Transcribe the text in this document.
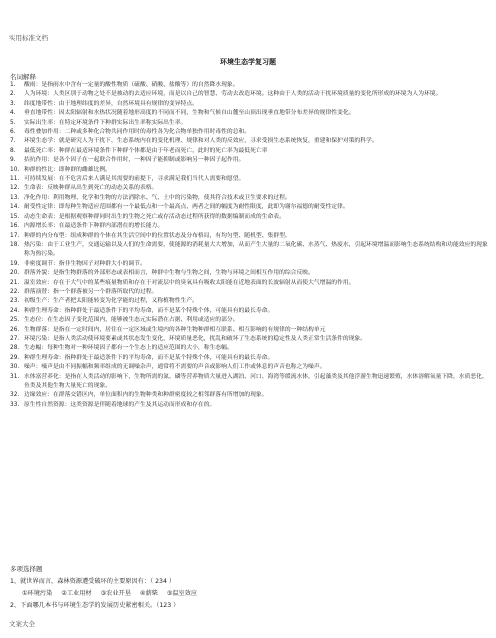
实用标准文档
环境生态学复习题
名词解释
1.	酸雨：是指雨水中含有一定量的酸性物质（硫酸、硝酸、盐酸等）的自然降水现象。
2.	人为环境：人类区别于动物之处不是被动的去适应环境，而是以自己的智慧、劳动去改造环境。这种由于人类的活动干扰环境质量的变化所形成的环境为人为环境。
3.	纬度地带性：由于地理纬度的差异，自然环境具有规律的变异特点。
4.	垂直地带性：因太阳辐射和水热状况随着地形高度的不同而不同，生物和气候自山麓至山顶出现垂直地带分布差异的规律性变化。
5.	实际出生率：在特定环境条件下种群实际出生率称实际出生率。
6.	毒性叠加作用：二种或多种化合物共同作用时的毒性各为化合物单独作用时毒性的总和。
7.	环境生态学：就是研究人为干扰下，生态系统内在的变化机理、规律和对人类的反效应，寻求受损生态系统恢复，重建和保护对策的科学。
8.	最低死亡率：种群在最适环境条件下种群个体都是由于年老而死亡，此时的死亡率为最低死亡率
9.	拮抗作用：是各个因子在一起联合作用时，一种因子能抑制或影响另一种因子起作用。
10. 种群的性比：即种群的雌雄比例。
11. 可持续发展：在不危害后来人满足其需要的前提下，寻求满足我们当代人需要和愿望。
12. 生命表：反映种群从出生到死亡的动态关系的表格。
13. 净化作用：利用物理、化学和生物的方法消除水、气、土中的污染物，使其符合技术或卫生要求的过程。
14. 耐受性定律：即每种生物适应范围都有一个最低点和一个最高点，两者之间的幅度为耐性限度，此即为谢尔福德的耐受性定律。
15. 动态生命表：是根据观察种群同时出生的生物之死亡或存活动态过程所获得的数据编制而成的生命表。
16. 内源增长率：在最适条件下种群内部潜在的增长能力。
17. 种群的内分布型：组成种群的个体在其生活空间中的位置状态及分布格局，有均匀型、随机型、集群型。
18. 热污染：由于工业生产，交通运输以及人们的生命需要，使能源的消耗量大大增加，从而产生大量的二氧化碳、水蒸气、热废水，引起环境增温而影响生态系统结构和功能效应的现象称为热污染。
19. 非密度调节：指非生物因子对种群大小的调节。
20. 群落外貌：是指生物群落的外部形态或表相而言，种群中生物与生物之间，生物与环境之间相互作用的综合反映。
21. 温室效应：存在于大气中的某些痕量物质和存在于对流层中的臭氧具有吸收太阳能在近地表面的长波辐射从而使大气增温的作用。
22. 群落演替：指一个群落被另一个群落所取代的过程。
23. 初级生产：生产者把太阳能转变为化学能的过程，又称植物性生产。
24. 种群生理寿命：指种群处于最适条件下的平均寿命，而不是某个特殊个体，可能具有的最长寿命。
25. 生态位：在生态因子变化范围内，能够被生态元实际潜在占据、利用或适应的部分。
26. 生物群落：是指在一定时间内，居住在一定区域或生境内的各种生物种群相互联系、相互影响的有规律的一种结构单元
27. 环境污染：是指人类活动使环境要素或其状态发生变化，环境质量恶化，扰乱和破坏了生态系统的稳定性及人类正常生活条件的现象。
28. 生态幅：每种生物对一种环境因子都有一个生态上的适应范围的大小，称生态幅。
29. 种群生理寿命：指种群处于最适条件下的平均寿命，而不是某个特殊个体，可能具有的最长寿命。
30. 噪声：噪声是由不同振幅和频率组成的无调噪杂声，通常将不需要的声音或影响人们工作或休息的声音也称之为噪声。
31. 水体富营养化：是指在人类活动的影响下，生物所需的氮、磷等营养物质大量进入湖泊、河口、海湾等缓流水体，引起藻类及其他浮游生物迅速繁殖，水体溶解氧量下降，水质恶化，鱼类及其他生物大量死亡的现象。
32. 边缘效应：在群落交错区内，单位面积内的生物种类和种群密度较之相邻群落有所增加的现象。
33. 原生性自然资源：这类资源是伴随着地球的产生及其运动而形成和存在的。
多项选择题
1、就世界而言，森林资源遭受破坏的主要原因有：（ 234 ）
①环境污染 ②工业用材 ③农业开垦 ④薪柴 ⑤温室效应
2、下面哪几本书与环境生态学的发展历史紧密相关。（123 ）
文案大全
